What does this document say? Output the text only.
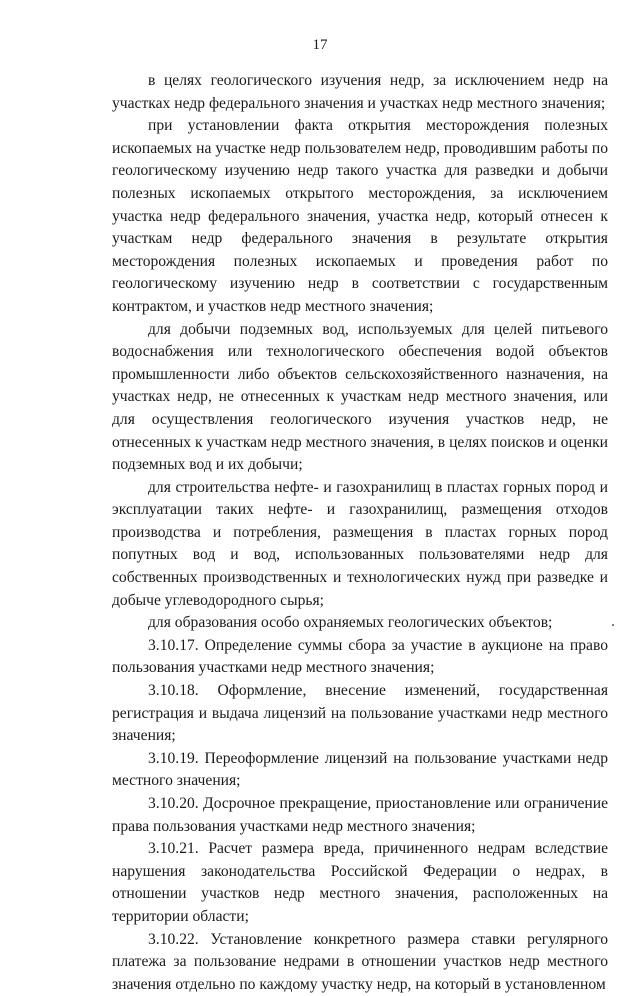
17

в целях геологического изучения недр, за исключением недр на участках недр федерального значения и участках недр местного значения;

при установлении факта открытия месторождения полезных ископаемых на участке недр пользователем недр, проводившим работы по геологическому изучению недр такого участка для разведки и добычи полезных ископаемых открытого месторождения, за исключением участка недр федерального значения, участка недр, который отнесен к участкам недр федерального значения в результате открытия месторождения полезных ископаемых и проведения работ по геологическому изучению недр в соответствии с государственным контрактом, и участков недр местного значения;

для добычи подземных вод, используемых для целей питьевого водоснабжения или технологического обеспечения водой объектов промышленности либо объектов сельскохозяйственного назначения, на участках недр, не отнесенных к участкам недр местного значения, или для осуществления геологического изучения участков недр, не отнесенных к участкам недр местного значения, в целях поисков и оценки подземных вод и их добычи;

для строительства нефте- и газохранилищ в пластах горных пород и эксплуатации таких нефте- и газохранилищ, размещения отходов производства и потребления, размещения в пластах горных пород попутных вод и вод, использованных пользователями недр для собственных производственных и технологических нужд при разведке и добыче углеводородного сырья;

для образования особо охраняемых геологических объектов;

3.10.17. Определение суммы сбора за участие в аукционе на право пользования участками недр местного значения;

3.10.18. Оформление, внесение изменений, государственная регистрация и выдача лицензий на пользование участками недр местного значения;

3.10.19. Переоформление лицензий на пользование участками недр местного значения;

3.10.20. Досрочное прекращение, приостановление или ограничение права пользования участками недр местного значения;

3.10.21. Расчет размера вреда, причиненного недрам вследствие нарушения законодательства Российской Федерации о недрах, в отношении участков недр местного значения, расположенных на территории области;

3.10.22. Установление конкретного размера ставки регулярного платежа за пользование недрами в отношении участков недр местного значения отдельно по каждому участку недр, на который в установленном
